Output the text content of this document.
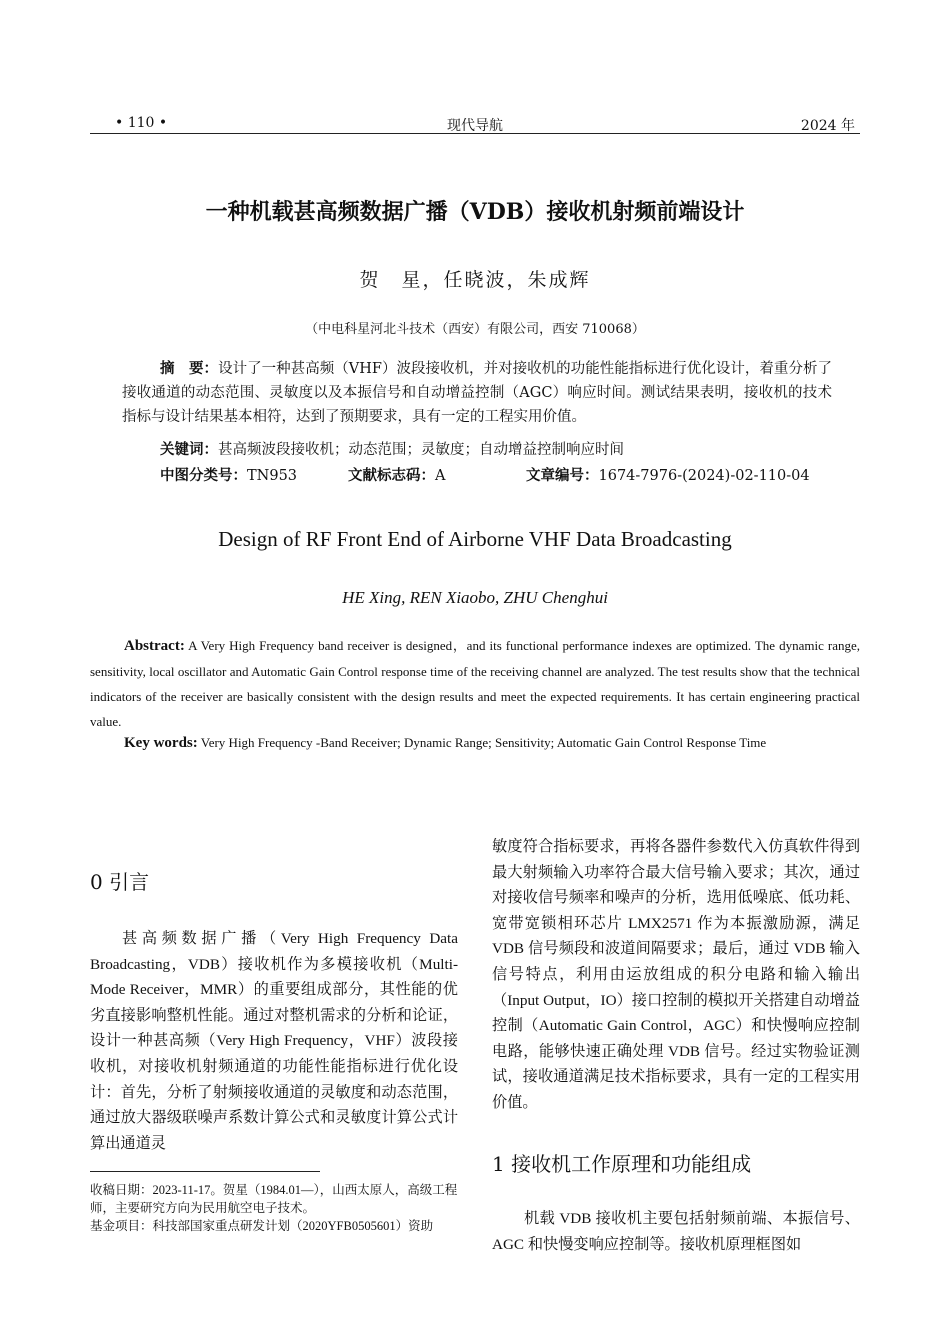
• 110 •	现代导航	2024 年
一种机载甚高频数据广播（VDB）接收机射频前端设计
贺　星，任晓波，朱成辉
（中电科星河北斗技术（西安）有限公司，西安 710068）
摘　要：设计了一种甚高频（VHF）波段接收机，并对接收机的功能性能指标进行优化设计，着重分析了接收通道的动态范围、灵敏度以及本振信号和自动增益控制（AGC）响应时间。测试结果表明，接收机的技术指标与设计结果基本相符，达到了预期要求，具有一定的工程实用价值。
关键词：甚高频波段接收机；动态范围；灵敏度；自动增益控制响应时间
中图分类号：TN953	文献标志码：A	文章编号：1674-7976-(2024)-02-110-04
Design of RF Front End of Airborne VHF Data Broadcasting
HE Xing, REN Xiaobo, ZHU Chenghui
Abstract: A Very High Frequency band receiver is designed，and its functional performance indexes are optimized. The dynamic range, sensitivity, local oscillator and Automatic Gain Control response time of the receiving channel are analyzed. The test results show that the technical indicators of the receiver are basically consistent with the design results and meet the expected requirements. It has certain engineering practical value.
Key words: Very High Frequency -Band Receiver; Dynamic Range; Sensitivity; Automatic Gain Control Response Time
0 引言
甚高频数据广播（Very High Frequency Data Broadcasting，VDB）接收机作为多模接收机（Multi-Mode Receiver，MMR）的重要组成部分，其性能的优劣直接影响整机性能。通过对整机需求的分析和论证，设计一种甚高频（Very High Frequency，VHF）波段接收机，对接收机射频通道的功能性能指标进行优化设计：首先，分析了射频接收通道的灵敏度和动态范围，通过放大器级联噪声系数计算公式和灵敏度计算公式计算出通道灵
敏度符合指标要求，再将各器件参数代入仿真软件得到最大射频输入功率符合最大信号输入要求；其次，通过对接收信号频率和噪声的分析，选用低噪底、低功耗、宽带宽锁相环芯片 LMX2571 作为本振激励源，满足 VDB 信号频段和波道间隔要求；最后，通过 VDB 输入信号特点，利用由运放组成的积分电路和输入输出（Input Output，IO）接口控制的模拟开关搭建自动增益控制（Automatic Gain Control，AGC）和快慢响应控制电路，能够快速正确处理 VDB 信号。经过实物验证测试，接收通道满足技术指标要求，具有一定的工程实用价值。
1 接收机工作原理和功能组成
机载 VDB 接收机主要包括射频前端、本振信号、AGC 和快慢变响应控制等。接收机原理框图如
收稿日期：2023-11-17。贺星（1984.01—），山西太原人，高级工程师，主要研究方向为民用航空电子技术。
基金项目：科技部国家重点研发计划（2020YFB0505601）资助
